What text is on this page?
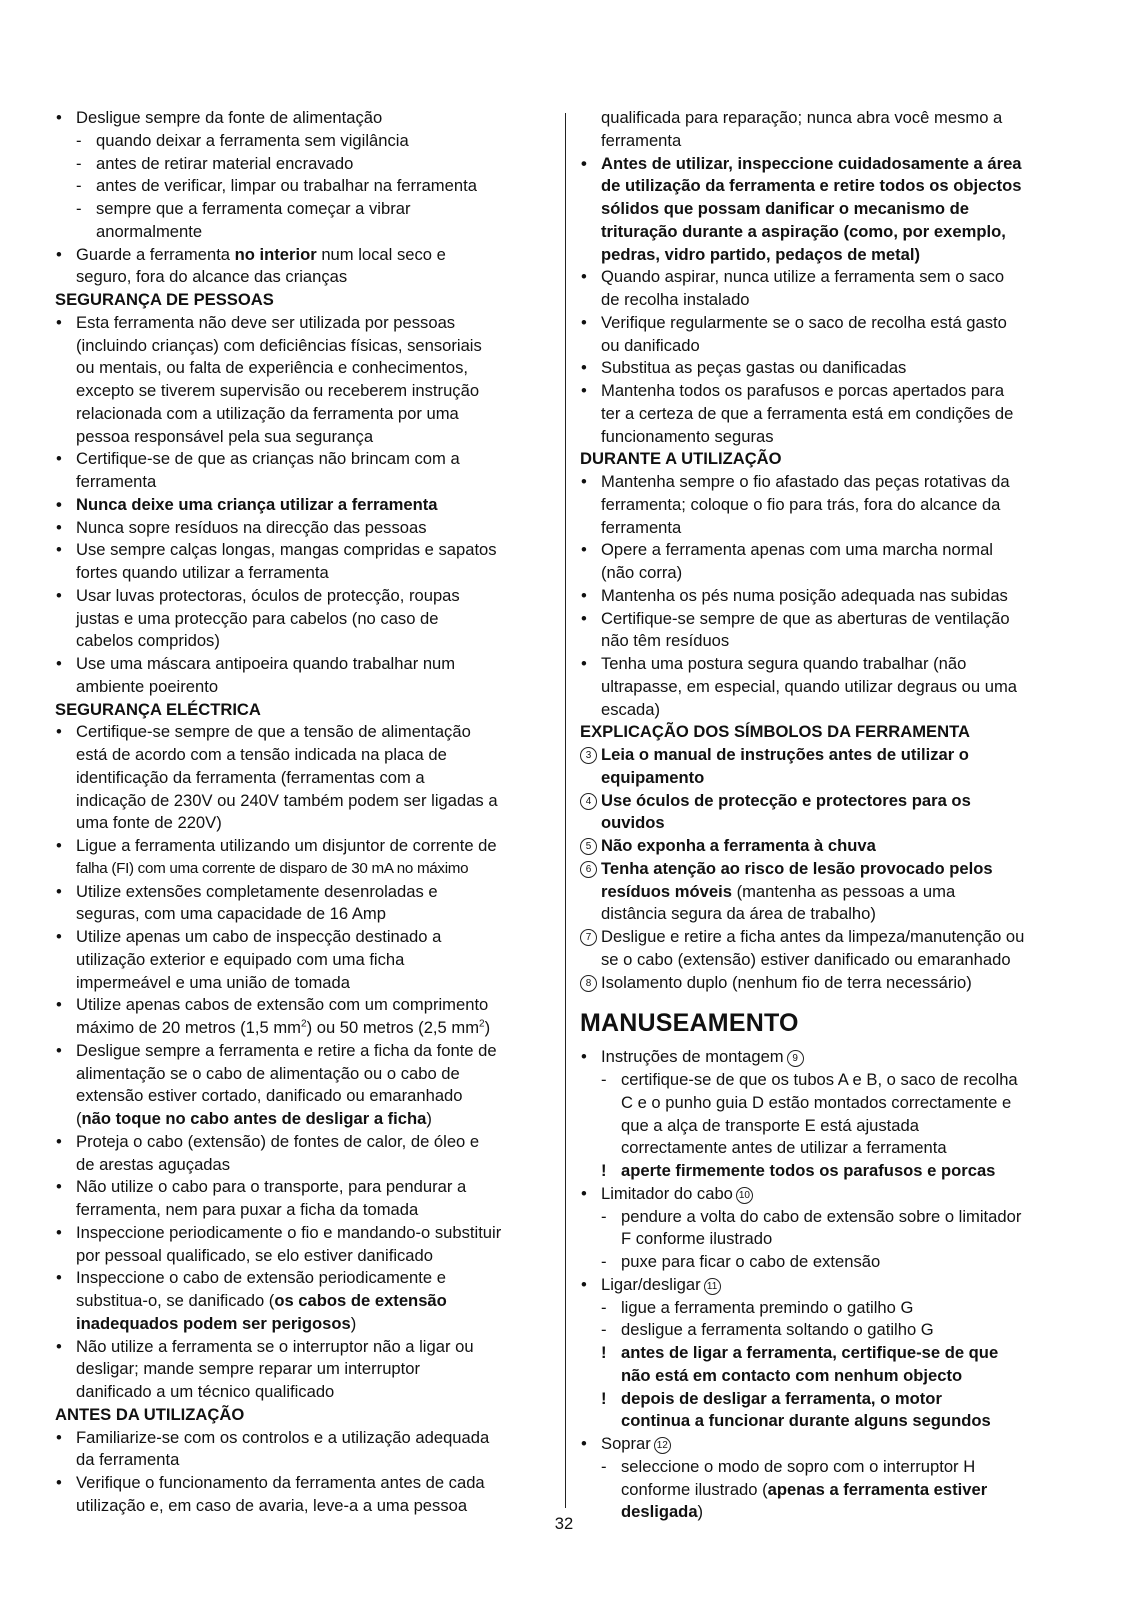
• Desligue sempre da fonte de alimentação
- quando deixar a ferramenta sem vigilância
- antes de retirar material encravado
- antes de verificar, limpar ou trabalhar na ferramenta
- sempre que a ferramenta começar a vibrar
anormalmente
• Guarde a ferramenta no interior num local seco e
seguro, fora do alcance das crianças
SEGURANÇA DE PESSOAS
• Esta ferramenta não deve ser utilizada por pessoas
(incluindo crianças) com deficiências físicas, sensoriais
ou mentais, ou falta de experiência e conhecimentos,
excepto se tiverem supervisão ou receberem instrução
relacionada com a utilização da ferramenta por uma
pessoa responsável pela sua segurança
• Certifique-se de que as crianças não brincam com a
ferramenta
• Nunca deixe uma criança utilizar a ferramenta
• Nunca sopre resíduos na direcção das pessoas
• Use sempre calças longas, mangas compridas e sapatos
fortes quando utilizar a ferramenta
• Usar luvas protectoras, óculos de protecção, roupas
justas e uma protecção para cabelos (no caso de
cabelos compridos)
• Use uma máscara antipoeira quando trabalhar num
ambiente poeirento
SEGURANÇA ELÉCTRICA
• Certifique-se sempre de que a tensão de alimentação
está de acordo com a tensão indicada na placa de
identificação da ferramenta (ferramentas com a
indicação de 230V ou 240V também podem ser ligadas a
uma fonte de 220V)
• Ligue a ferramenta utilizando um disjuntor de corrente de
falha (FI) com uma corrente de disparo de 30 mA no máximo
• Utilize extensões completamente desenroladas e
seguras, com uma capacidade de 16 Amp
• Utilize apenas um cabo de inspecção destinado a
utilização exterior e equipado com uma ficha
impermeável e uma união de tomada
• Utilize apenas cabos de extensão com um comprimento
máximo de 20 metros (1,5 $mm^2$) ou 50 metros (2,5 $mm^2$)
• Desligue sempre a ferramenta e retire a ficha da fonte de
alimentação se o cabo de alimentação ou o cabo de
extensão estiver cortado, danificado ou emaranhado
(não toque no cabo antes de desligar a ficha)
• Proteja o cabo (extensão) de fontes de calor, de óleo e
de arestas aguçadas
• Não utilize o cabo para o transporte, para pendurar a
ferramenta, nem para puxar a ficha da tomada
• Inspeccione periodicamente o fio e mandando-o substituir
por pessoal qualificado, se elo estiver danificado
• Inspeccione o cabo de extensão periodicamente e
substitua-o, se danificado (os cabos de extensão
inadequados podem ser perigosos)
• Não utilize a ferramenta se o interruptor não a ligar ou
desligar; mande sempre reparar um interruptor
danificado a um técnico qualificado
ANTES DA UTILIZAÇÃO
• Familiarize-se com os controlos e a utilização adequada
da ferramenta
• Verifique o funcionamento da ferramenta antes de cada
utilização e, em caso de avaria, leve-a a uma pessoa
qualificada para reparação; nunca abra você mesmo a
ferramenta
• Antes de utilizar, inspeccione cuidadosamente a área
de utilização da ferramenta e retire todos os objectos
sólidos que possam danificar o mecanismo de
trituração durante a aspiração (como, por exemplo,
pedras, vidro partido, pedaços de metal)
• Quando aspirar, nunca utilize a ferramenta sem o saco
de recolha instalado
• Verifique regularmente se o saco de recolha está gasto
ou danificado
• Substitua as peças gastas ou danificadas
• Mantenha todos os parafusos e porcas apertados para
ter a certeza de que a ferramenta está em condições de
funcionamento seguras
DURANTE A UTILIZAÇÃO
• Mantenha sempre o fio afastado das peças rotativas da
ferramenta; coloque o fio para trás, fora do alcance da
ferramenta
• Opere a ferramenta apenas com uma marcha normal
(não corra)
• Mantenha os pés numa posição adequada nas subidas
• Certifique-se sempre de que as aberturas de ventilação
não têm resíduos
• Tenha uma postura segura quando trabalhar (não
ultrapasse, em especial, quando utilizar degraus ou uma
escada)
EXPLICAÇÃO DOS SÍMBOLOS DA FERRAMENTA
3 Leia o manual de instruções antes de utilizar o
equipamento
4 Use óculos de protecção e protectores para os
ouvidos
5 Não exponha a ferramenta à chuva
6 Tenha atenção ao risco de lesão provocado pelos
resíduos móveis (mantenha as pessoas a uma
distância segura da área de trabalho)
7 Desligue e retire a ficha antes da limpeza/manutenção ou
se o cabo (extensão) estiver danificado ou emaranhado
8 Isolamento duplo (nenhum fio de terra necessário)
MANUSEAMENTO
• Instruções de montagem 9
- certifique-se de que os tubos A e B, o saco de recolha
C e o punho guia D estão montados correctamente e
que a alça de transporte E está ajustada
correctamente antes de utilizar a ferramenta
! aperte firmemente todos os parafusos e porcas
• Limitador do cabo 10
- pendure a volta do cabo de extensão sobre o limitador
F conforme ilustrado
- puxe para ficar o cabo de extensão
• Ligar/desligar 11
- ligue a ferramenta premindo o gatilho G
- desligue a ferramenta soltando o gatilho G
! antes de ligar a ferramenta, certifique-se de que
não está em contacto com nenhum objecto
! depois de desligar a ferramenta, o motor
continua a funcionar durante alguns segundos
• Soprar 12
- seleccione o modo de sopro com o interruptor H
conforme ilustrado (apenas a ferramenta estiver
desligada)
32
